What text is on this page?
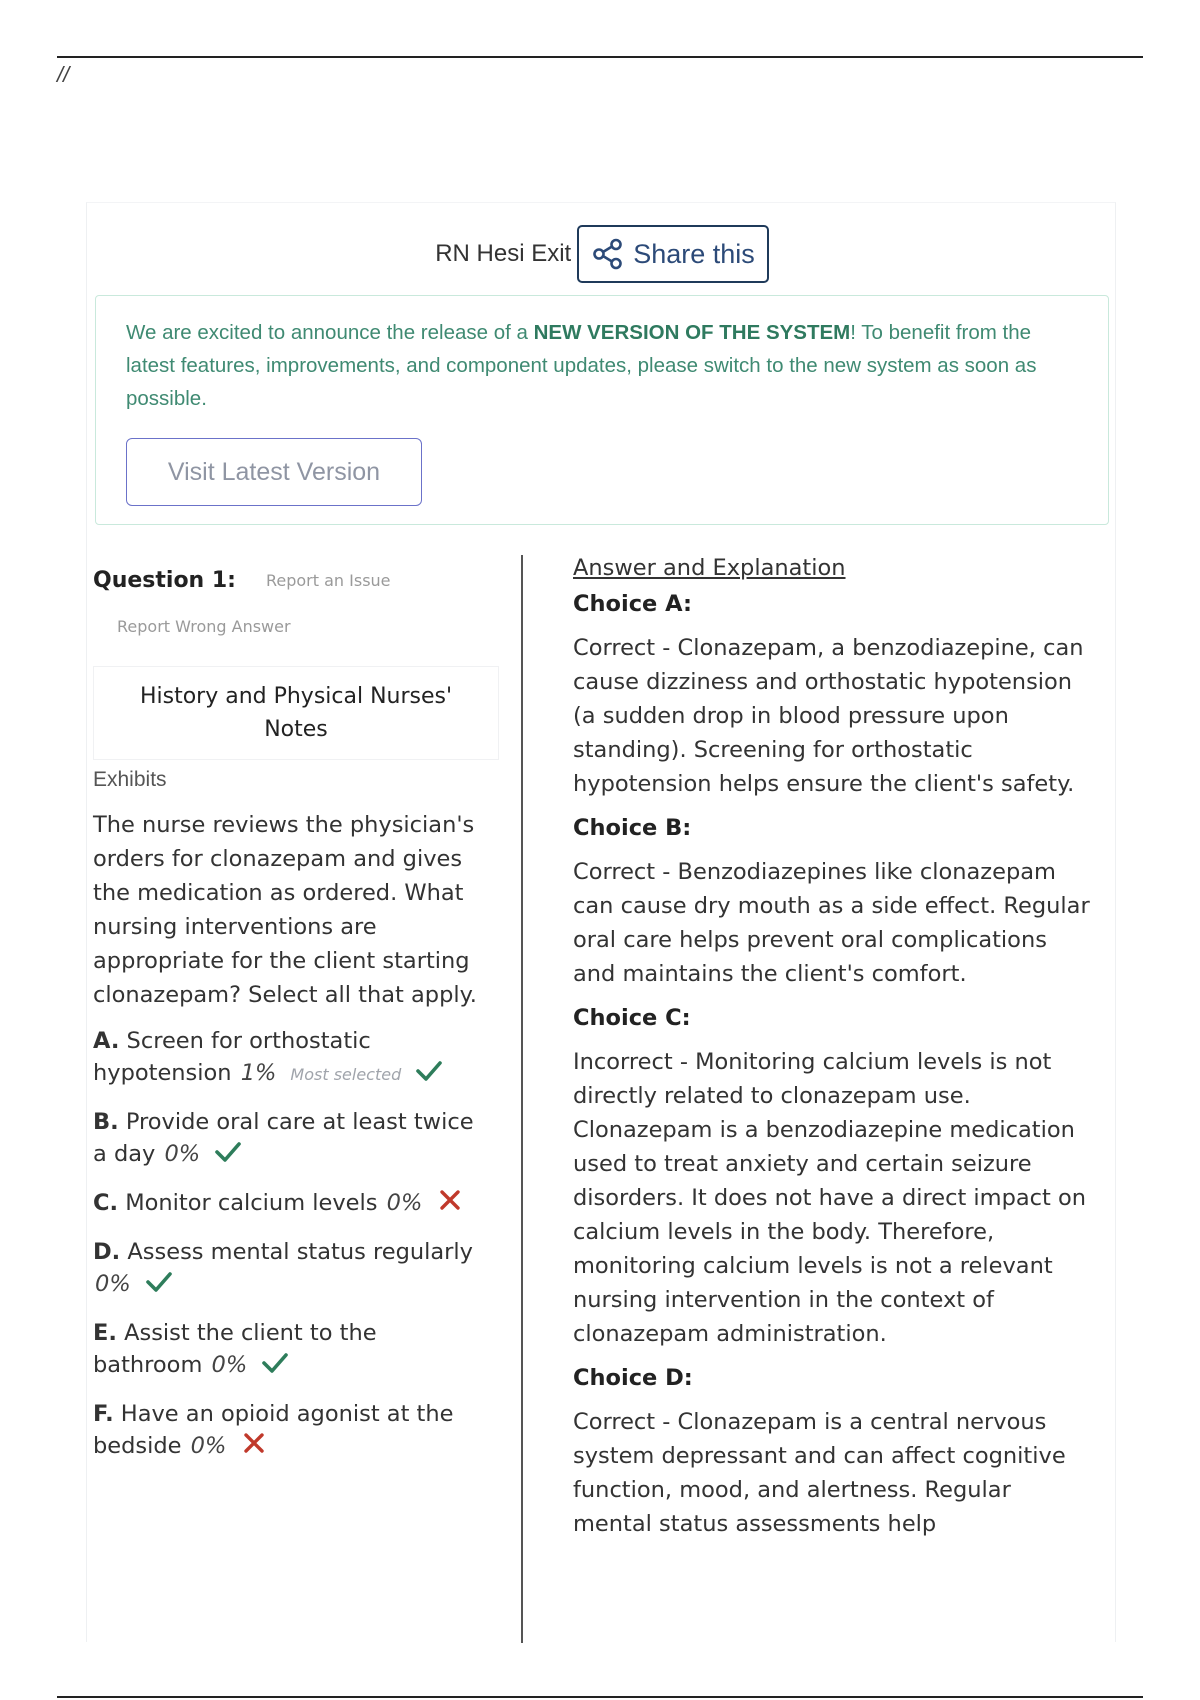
//
RN Hesi Exit Share this

We are excited to announce the release of a NEW VERSION OF THE SYSTEM! To benefit from the latest features, improvements, and component updates, please switch to the new system as soon as possible.

Visit Latest Version
Question 1: Report an Issue
Report Wrong Answer
History and Physical Nurses' Notes
Exhibits
The nurse reviews the physician's orders for clonazepam and gives the medication as ordered. What nursing interventions are appropriate for the client starting clonazepam? Select all that apply.
A. Screen for orthostatic hypotension 1% Most selected
B. Provide oral care at least twice a day 0%
C. Monitor calcium levels 0%
D. Assess mental status regularly 0%
E. Assist the client to the bathroom 0%
F. Have an opioid agonist at the bedside 0%
Answer and Explanation
Choice A:
Correct - Clonazepam, a benzodiazepine, can cause dizziness and orthostatic hypotension (a sudden drop in blood pressure upon standing). Screening for orthostatic hypotension helps ensure the client's safety.
Choice B:
Correct - Benzodiazepines like clonazepam can cause dry mouth as a side effect. Regular oral care helps prevent oral complications and maintains the client's comfort.
Choice C:
Incorrect - Monitoring calcium levels is not directly related to clonazepam use. Clonazepam is a benzodiazepine medication used to treat anxiety and certain seizure disorders. It does not have a direct impact on calcium levels in the body. Therefore, monitoring calcium levels is not a relevant nursing intervention in the context of clonazepam administration.
Choice D:
Correct - Clonazepam is a central nervous system depressant and can affect cognitive function, mood, and alertness. Regular mental status assessments help
